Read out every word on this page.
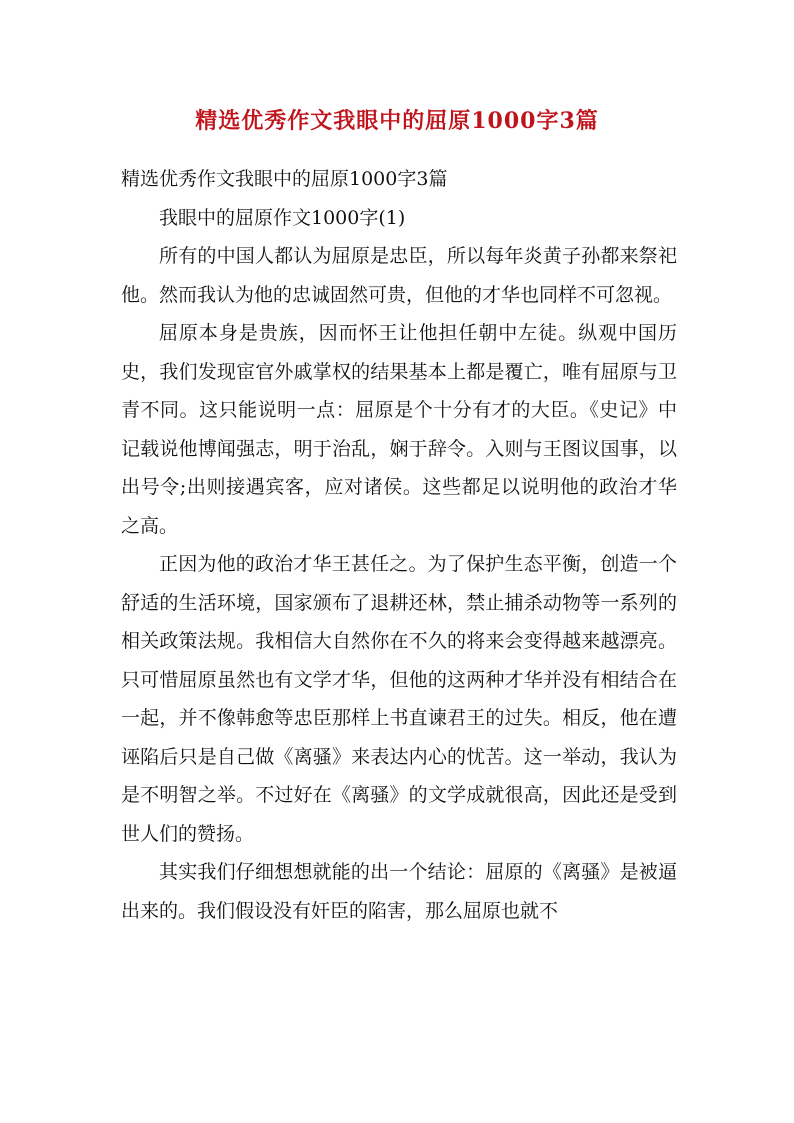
精选优秀作文我眼中的屈原1000字3篇

精选优秀作文我眼中的屈原1000字3篇

我眼中的屈原作文1000字(1)

所有的中国人都认为屈原是忠臣，所以每年炎黄子孙都来祭祀他。然而我认为他的忠诚固然可贵，但他的才华也同样不可忽视。

屈原本身是贵族，因而怀王让他担任朝中左徒。纵观中国历史，我们发现宦官外戚掌权的结果基本上都是覆亡，唯有屈原与卫青不同。这只能说明一点：屈原是个十分有才的大臣。《史记》中记载说他博闻强志，明于治乱，娴于辞令。入则与王图议国事，以出号令;出则接遇宾客，应对诸侯。这些都足以说明他的政治才华之高。

正因为他的政治才华王甚任之。为了保护生态平衡，创造一个舒适的生活环境，国家颁布了退耕还林，禁止捕杀动物等一系列的相关政策法规。我相信大自然你在不久的将来会变得越来越漂亮。只可惜屈原虽然也有文学才华，但他的这两种才华并没有相结合在一起，并不像韩愈等忠臣那样上书直谏君王的过失。相反，他在遭诬陷后只是自己做《离骚》来表达内心的忧苦。这一举动，我认为是不明智之举。不过好在《离骚》的文学成就很高，因此还是受到世人们的赞扬。

其实我们仔细想想就能的出一个结论：屈原的《离骚》是被逼出来的。我们假设没有奸臣的陷害，那么屈原也就不
